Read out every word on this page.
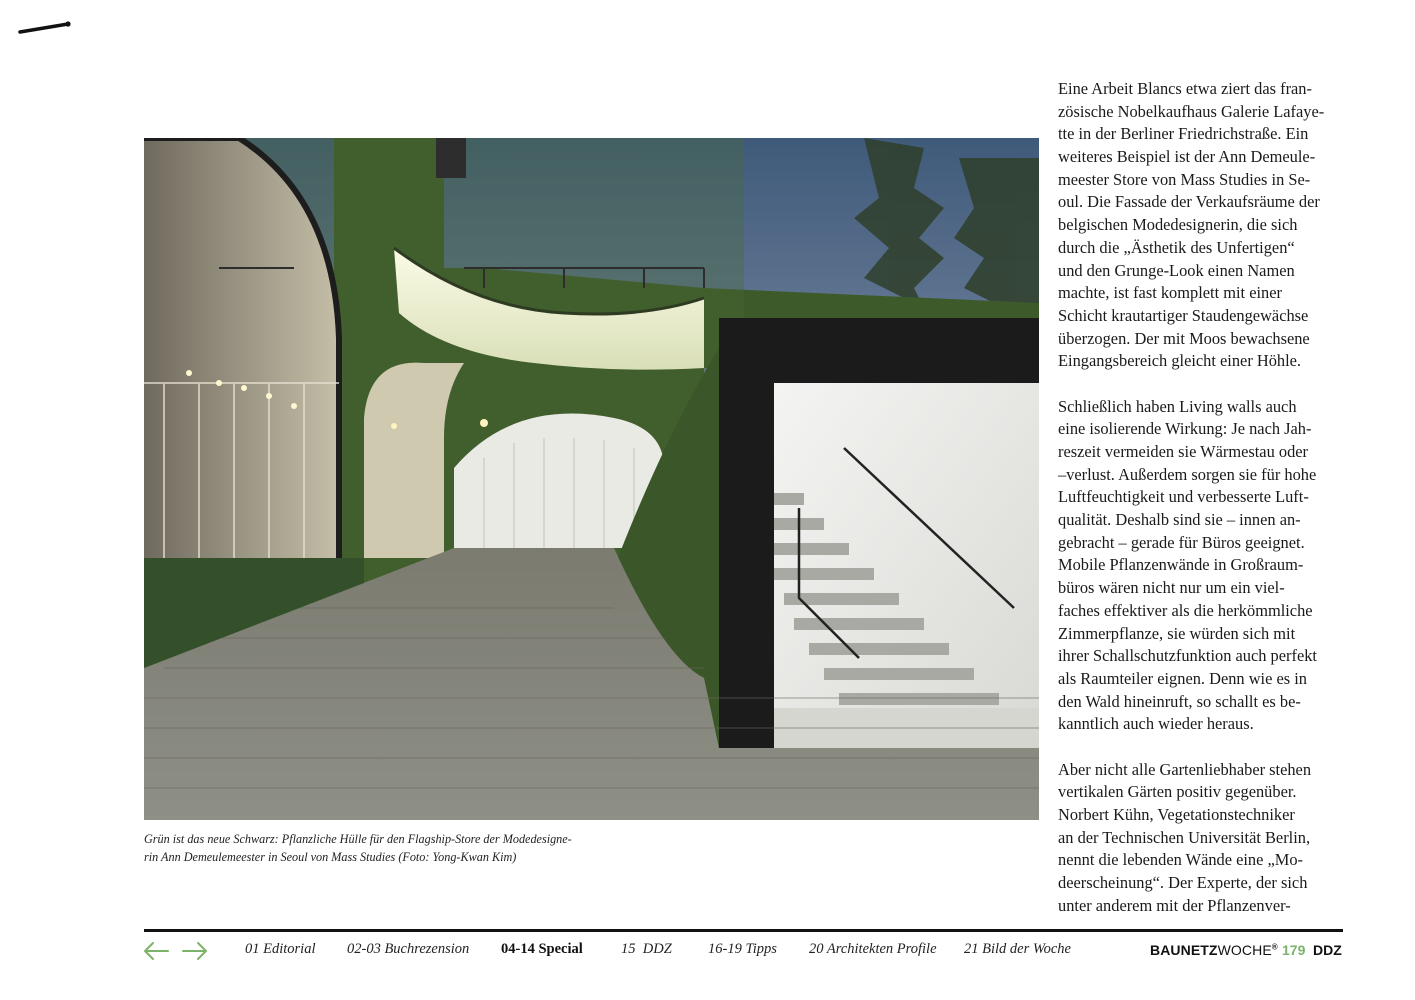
Grün ist das neue Schwarz: Pflanzliche Hülle für den Flagship-Store der Modedesigne-
rin Ann Demeulemeester in Seoul von Mass Studies (Foto: Yong-Kwan Kim)
Eine Arbeit Blancs etwa ziert das fran-
zösische Nobelkaufhaus Galerie Lafaye-
tte in der Berliner Friedrichstraße. Ein
weiteres Beispiel ist der Ann Demeule-
meester Store von Mass Studies in Se-
oul. Die Fassade der Verkaufsräume der
belgischen Modedesignerin, die sich
durch die „Ästhetik des Unfertigen“
und den Grunge-Look einen Namen
machte, ist fast komplett mit einer
Schicht krautartiger Staudengewächse
überzogen. Der mit Moos bewachsene
Eingangsbereich gleicht einer Höhle.
Schließlich haben Living walls auch
eine isolierende Wirkung: Je nach Jah-
reszeit vermeiden sie Wärmestau oder
–verlust. Außerdem sorgen sie für hohe
Luftfeuchtigkeit und verbesserte Luft-
qualität. Deshalb sind sie – innen an-
gebracht – gerade für Büros geeignet.
Mobile Pflanzenwände in Großraum-
büros wären nicht nur um ein viel-
faches effektiver als die herkömmliche
Zimmerpflanze, sie würden sich mit
ihrer Schallschutzfunktion auch perfekt
als Raumteiler eignen. Denn wie es in
den Wald hineinruft, so schallt es be-
kanntlich auch wieder heraus.
Aber nicht alle Gartenliebhaber stehen
vertikalen Gärten positiv gegenüber.
Norbert Kühn, Vegetationstechniker
an der Technischen Universität Berlin,
nennt die lebenden Wände eine „Mo-
deerscheinung“. Der Experte, der sich
unter anderem mit der Pflanzenver-
01 Editorial 02-03 Buchrezension 04-14 Special	15  DDZ 16-19 Tipps 20 Architekten Profile 21 Bild der Woche	BAUNETZWOCHE® 179 DDZ
